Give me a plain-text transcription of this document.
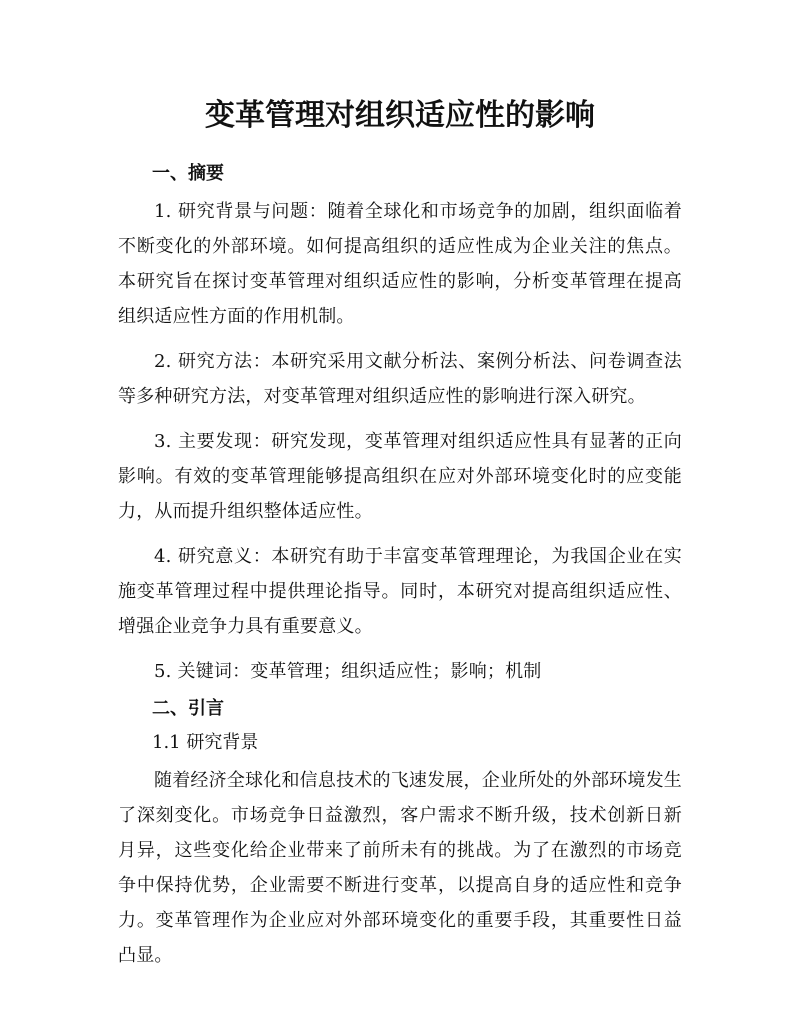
变革管理对组织适应性的影响
一、摘要

1. 研究背景与问题：随着全球化和市场竞争的加剧，组织面临着不断变化的外部环境。如何提高组织的适应性成为企业关注的焦点。本研究旨在探讨变革管理对组织适应性的影响，分析变革管理在提高组织适应性方面的作用机制。

2. 研究方法：本研究采用文献分析法、案例分析法、问卷调查法等多种研究方法，对变革管理对组织适应性的影响进行深入研究。

3. 主要发现：研究发现，变革管理对组织适应性具有显著的正向影响。有效的变革管理能够提高组织在应对外部环境变化时的应变能力，从而提升组织整体适应性。

4. 研究意义：本研究有助于丰富变革管理理论，为我国企业在实施变革管理过程中提供理论指导。同时，本研究对提高组织适应性、增强企业竞争力具有重要意义。

5. 关键词：变革管理；组织适应性；影响；机制

二、引言
1.1 研究背景

随着经济全球化和信息技术的飞速发展，企业所处的外部环境发生了深刻变化。市场竞争日益激烈，客户需求不断升级，技术创新日新月异，这些变化给企业带来了前所未有的挑战。为了在激烈的市场竞争中保持优势，企业需要不断进行变革，以提高自身的适应性和竞争力。变革管理作为企业应对外部环境变化的重要手段，其重要性日益凸显。
